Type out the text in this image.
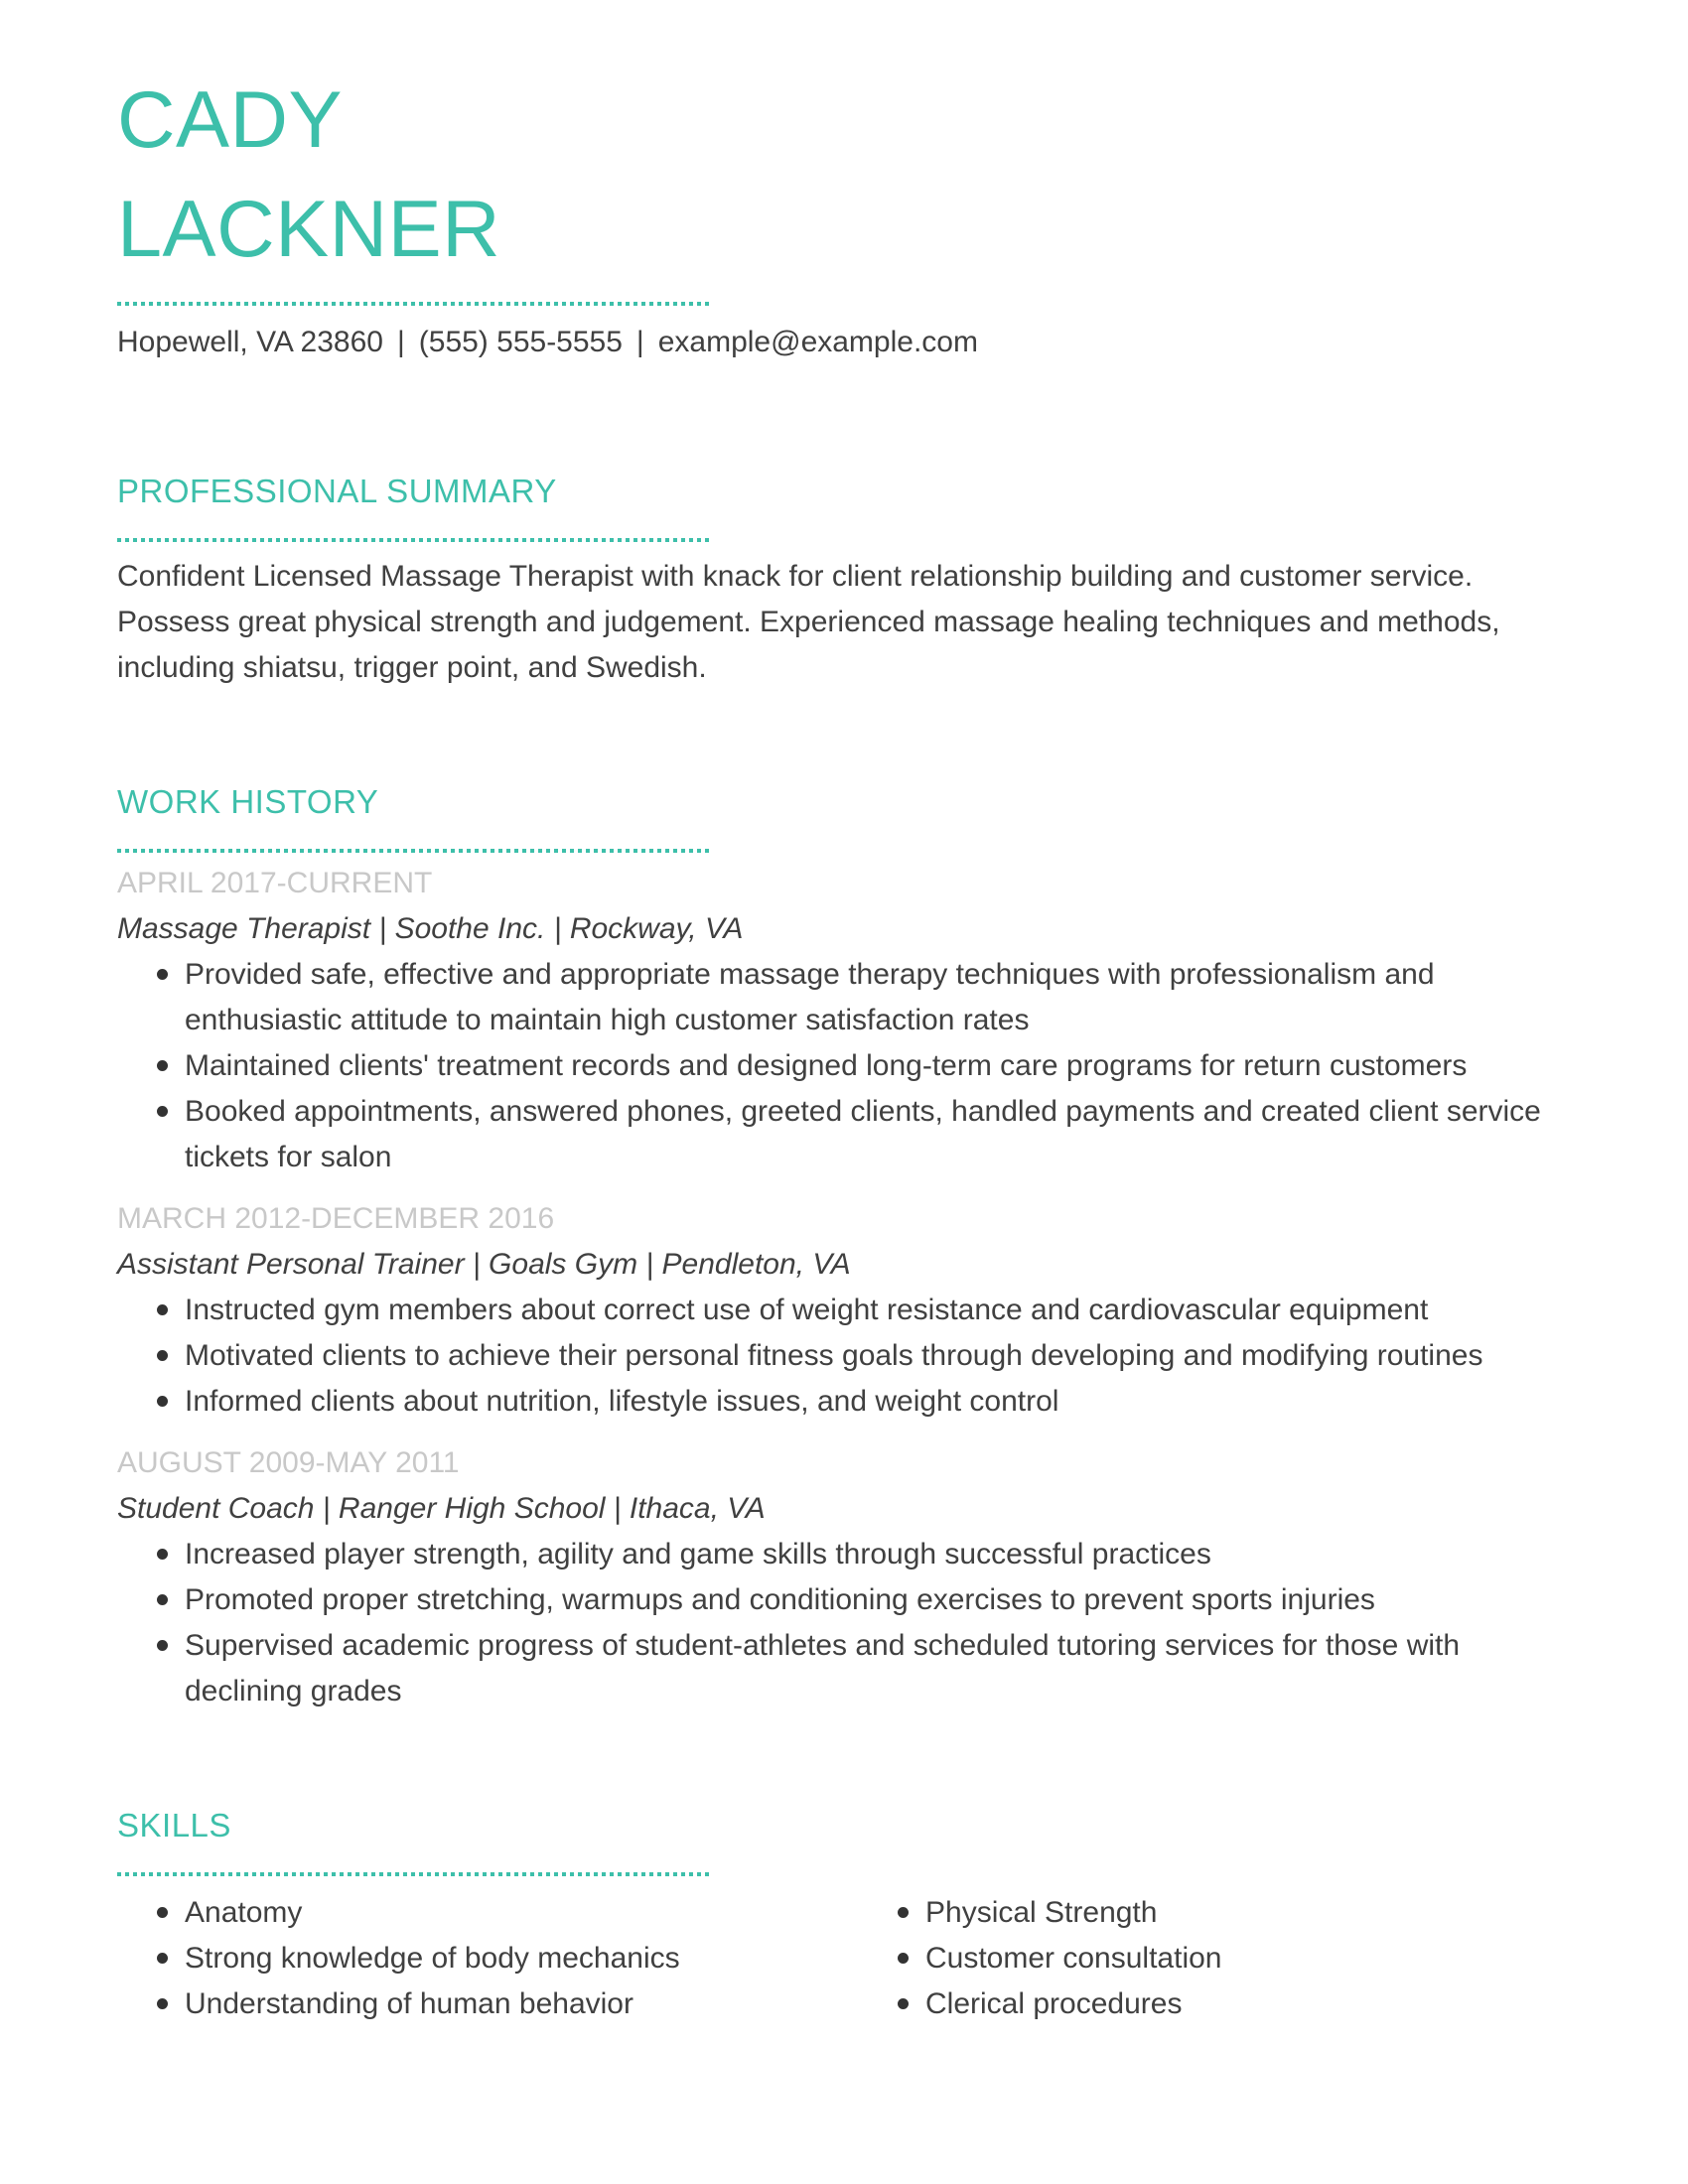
CADY
LACKNER

Hopewell, VA 23860 | (555) 555-5555 | example@example.com

PROFESSIONAL SUMMARY

Confident Licensed Massage Therapist with knack for client relationship building and customer service. Possess great physical strength and judgement. Experienced massage healing techniques and methods, including shiatsu, trigger point, and Swedish.

WORK HISTORY

APRIL 2017-CURRENT

Massage Therapist | Soothe Inc. | Rockway, VA

Provided safe, effective and appropriate massage therapy techniques with professionalism and enthusiastic attitude to maintain high customer satisfaction rates
Maintained clients' treatment records and designed long-term care programs for return customers
Booked appointments, answered phones, greeted clients, handled payments and created client service tickets for salon

MARCH 2012-DECEMBER 2016

Assistant Personal Trainer | Goals Gym | Pendleton, VA

Instructed gym members about correct use of weight resistance and cardiovascular equipment
Motivated clients to achieve their personal fitness goals through developing and modifying routines
Informed clients about nutrition, lifestyle issues, and weight control

AUGUST 2009-MAY 2011

Student Coach | Ranger High School | Ithaca, VA

Increased player strength, agility and game skills through successful practices
Promoted proper stretching, warmups and conditioning exercises to prevent sports injuries
Supervised academic progress of student-athletes and scheduled tutoring services for those with declining grades
SKILLS
Anatomy
Strong knowledge of body mechanics
Understanding of human behavior
Physical Strength
Customer consultation
Clerical procedures
